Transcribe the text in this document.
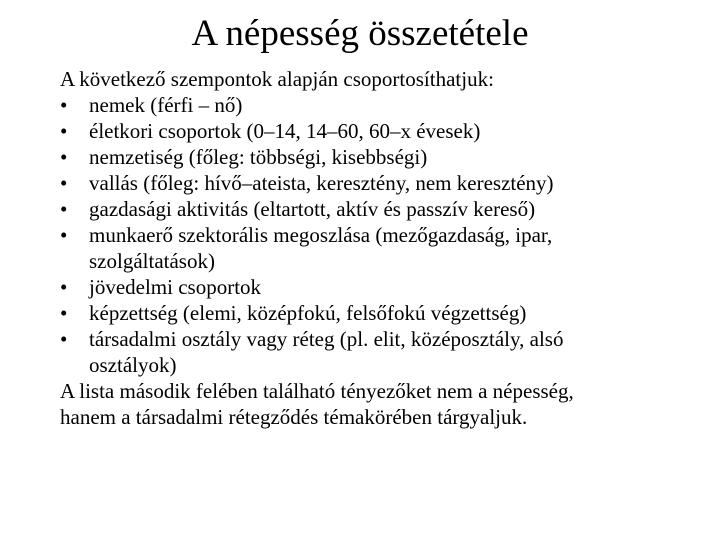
A népesség összetétele

A következő szempontok alapján csoportosíthatjuk:

• nemek (férfi – nő)
• életkori csoportok (0–14, 14–60, 60–x évesek)
• nemzetiség (főleg: többségi, kisebbségi)
• vallás (főleg: hívő–ateista, keresztény, nem keresztény)
• gazdasági aktivitás (eltartott, aktív és passzív kereső)
• munkaerő szektorális megoszlása (mezőgazdaság, ipar,
szolgáltatások)
• jövedelmi csoportok
• képzettség (elemi, középfokú, felsőfokú végzettség)
• társadalmi osztály vagy réteg (pl. elit, középosztály, alsó
osztályok)

A lista második felében található tényezőket nem a népesség,

hanem a társadalmi rétegződés témakörében tárgyaljuk.
